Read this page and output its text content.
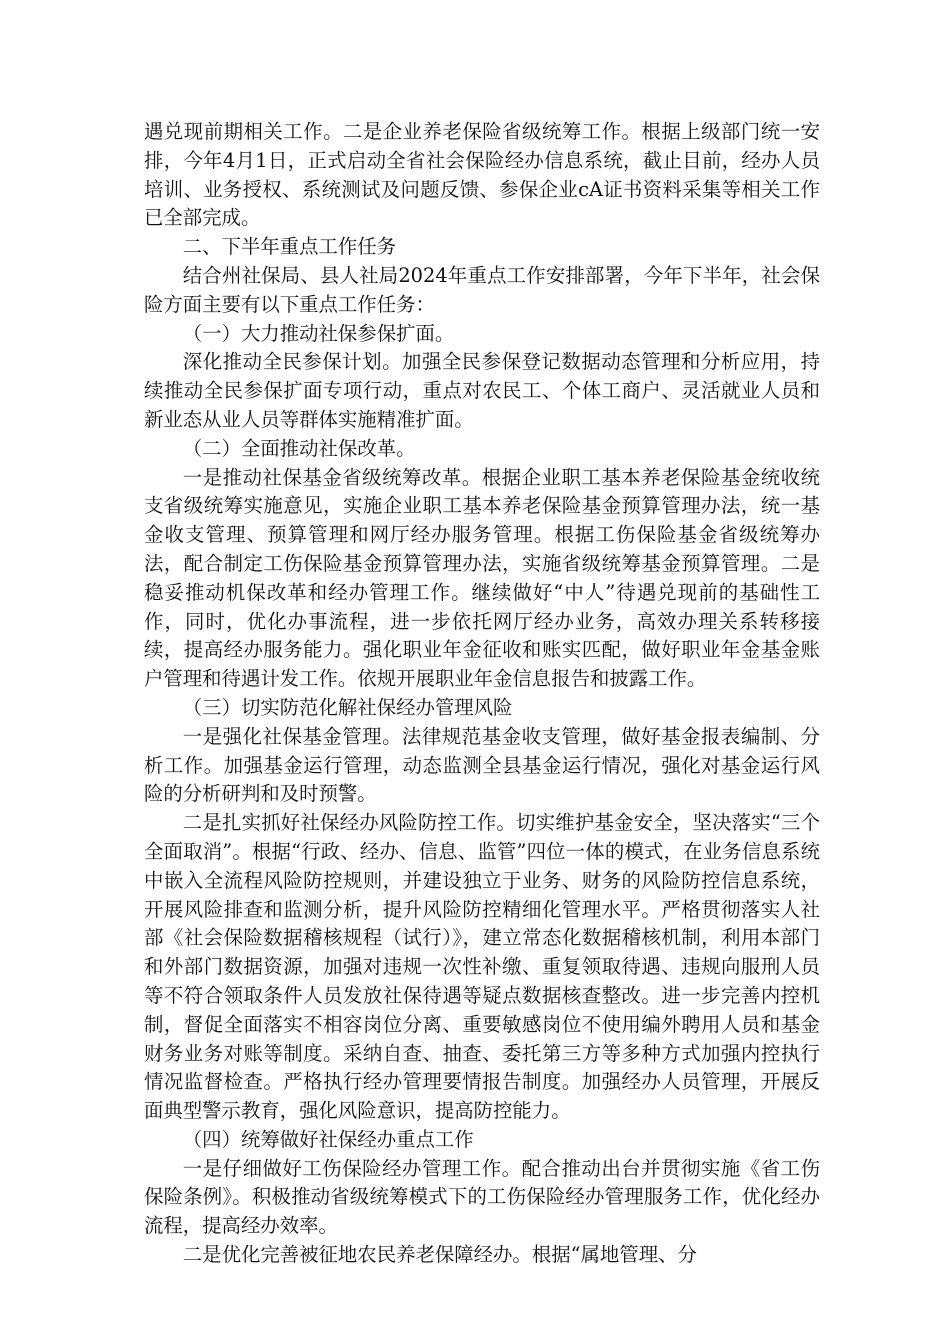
遇兑现前期相关工作。二是企业养老保险省级统筹工作。根据上级部门统一安排，今年4月1日，正式启动全省社会保险经办信息系统，截止目前，经办人员培训、业务授权、系统测试及问题反馈、参保企业cA证书资料采集等相关工作已全部完成。

二、下半年重点工作任务

结合州社保局、县人社局2024年重点工作安排部署，今年下半年，社会保险方面主要有以下重点工作任务：

（一）大力推动社保参保扩面。

深化推动全民参保计划。加强全民参保登记数据动态管理和分析应用，持续推动全民参保扩面专项行动，重点对农民工、个体工商户、灵活就业人员和新业态从业人员等群体实施精准扩面。

（二）全面推动社保改革。

一是推动社保基金省级统筹改革。根据企业职工基本养老保险基金统收统支省级统筹实施意见，实施企业职工基本养老保险基金预算管理办法，统一基金收支管理、预算管理和网厅经办服务管理。根据工伤保险基金省级统筹办法，配合制定工伤保险基金预算管理办法，实施省级统筹基金预算管理。二是稳妥推动机保改革和经办管理工作。继续做好“中人”待遇兑现前的基础性工作，同时，优化办事流程，进一步依托网厅经办业务，高效办理关系转移接续，提高经办服务能力。强化职业年金征收和账实匹配，做好职业年金基金账户管理和待遇计发工作。依规开展职业年金信息报告和披露工作。

（三）切实防范化解社保经办管理风险

一是强化社保基金管理。法律规范基金收支管理，做好基金报表编制、分析工作。加强基金运行管理，动态监测全县基金运行情况，强化对基金运行风险的分析研判和及时预警。

二是扎实抓好社保经办风险防控工作。切实维护基金安全，坚决落实“三个全面取消”。根据“行政、经办、信息、监管”四位一体的模式，在业务信息系统中嵌入全流程风险防控规则，并建设独立于业务、财务的风险防控信息系统，开展风险排查和监测分析，提升风险防控精细化管理水平。严格贯彻落实人社部《社会保险数据稽核规程（试行）》，建立常态化数据稽核机制，利用本部门和外部门数据资源，加强对违规一次性补缴、重复领取待遇、违规向服刑人员等不符合领取条件人员发放社保待遇等疑点数据核查整改。进一步完善内控机制，督促全面落实不相容岗位分离、重要敏感岗位不使用编外聘用人员和基金财务业务对账等制度。采纳自查、抽查、委托第三方等多种方式加强内控执行情况监督检查。严格执行经办管理要情报告制度。加强经办人员管理，开展反面典型警示教育，强化风险意识，提高防控能力。

（四）统筹做好社保经办重点工作

一是仔细做好工伤保险经办管理工作。配合推动出台并贯彻实施《省工伤保险条例》。积极推动省级统筹模式下的工伤保险经办管理服务工作，优化经办流程，提高经办效率。

二是优化完善被征地农民养老保障经办。根据“属地管理、分
